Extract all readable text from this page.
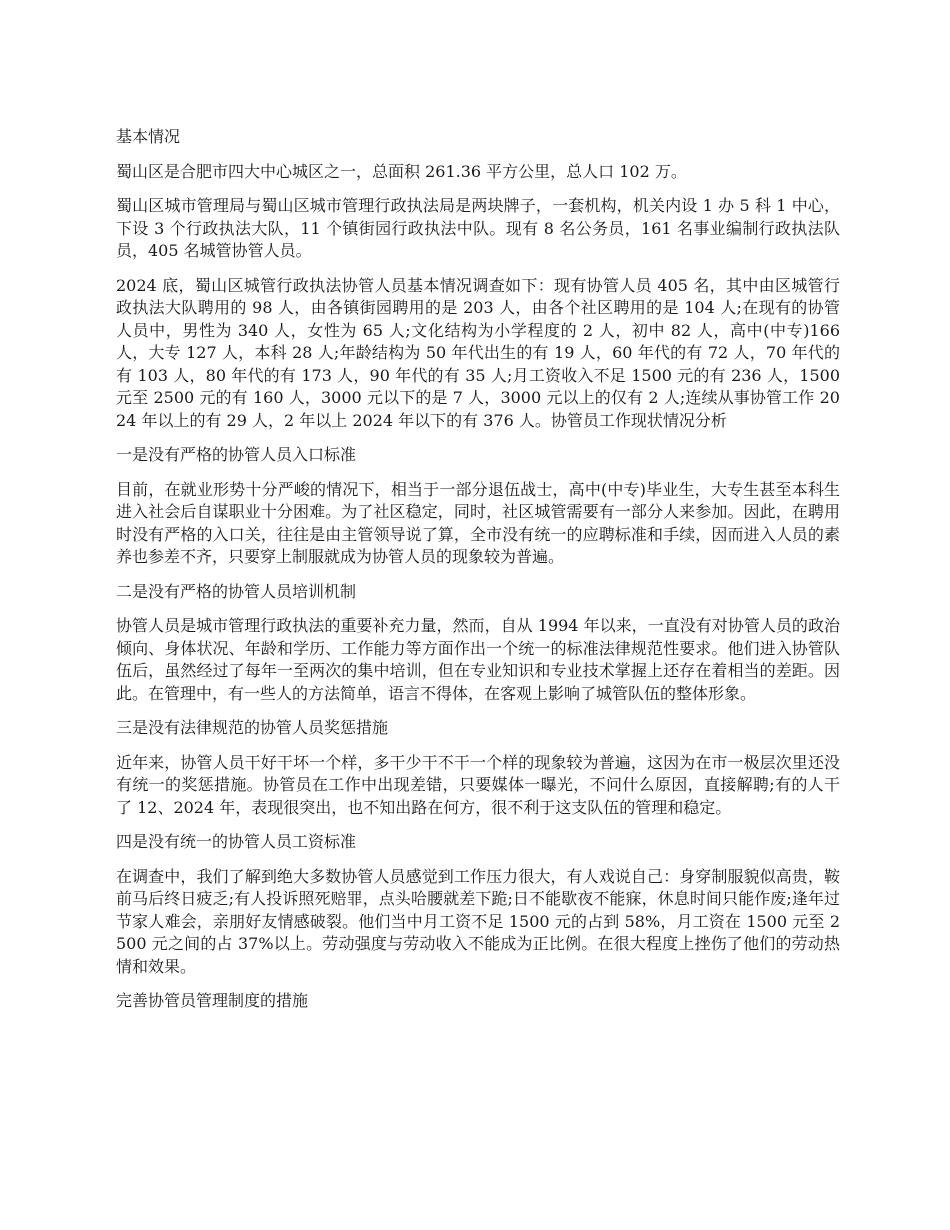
基本情况
蜀山区是合肥市四大中心城区之一，总面积 261.36 平方公里，总人口 102 万。
蜀山区城市管理局与蜀山区城市管理行政执法局是两块牌子，一套机构，机关内设 1 办 5 科 1 中心，下设 3 个行政执法大队，11 个镇街园行政执法中队。现有 8 名公务员，161 名事业编制行政执法队员，405 名城管协管人员。
2024 底，蜀山区城管行政执法协管人员基本情况调查如下：现有协管人员 405 名，其中由区城管行政执法大队聘用的 98 人，由各镇街园聘用的是 203 人，由各个社区聘用的是 104 人;在现有的协管人员中，男性为 340 人，女性为 65 人;文化结构为小学程度的 2 人，初中 82 人，高中(中专)166 人，大专 127 人，本科 28 人;年龄结构为 50 年代出生的有 19 人，60 年代的有 72 人，70 年代的有 103 人，80 年代的有 173 人，90 年代的有 35 人;月工资收入不足 1500 元的有 236 人，1500 元至 2500 元的有 160 人，3000 元以下的是 7 人，3000 元以上的仅有 2 人;连续从事协管工作 2024 年以上的有 29 人，2 年以上 2024 年以下的有 376 人。协管员工作现状情况分析
一是没有严格的协管人员入口标准
目前，在就业形势十分严峻的情况下，相当于一部分退伍战士，高中(中专)毕业生，大专生甚至本科生进入社会后自谋职业十分困难。为了社区稳定，同时，社区城管需要有一部分人来参加。因此，在聘用时没有严格的入口关，往往是由主管领导说了算，全市没有统一的应聘标准和手续，因而进入人员的素养也参差不齐，只要穿上制服就成为协管人员的现象较为普遍。
二是没有严格的协管人员培训机制
协管人员是城市管理行政执法的重要补充力量，然而，自从 1994 年以来，一直没有对协管人员的政治倾向、身体状况、年龄和学历、工作能力等方面作出一个统一的标准法律规范性要求。他们进入协管队伍后，虽然经过了每年一至两次的集中培训，但在专业知识和专业技术掌握上还存在着相当的差距。因此。在管理中，有一些人的方法简单，语言不得体，在客观上影响了城管队伍的整体形象。
三是没有法律规范的协管人员奖惩措施
近年来，协管人员干好干坏一个样，多干少干不干一个样的现象较为普遍，这因为在市一极层次里还没有统一的奖惩措施。协管员在工作中出现差错，只要媒体一曝光，不问什么原因，直接解聘;有的人干了 12、2024 年，表现很突出，也不知出路在何方，很不利于这支队伍的管理和稳定。
四是没有统一的协管人员工资标准
在调查中，我们了解到绝大多数协管人员感觉到工作压力很大，有人戏说自己：身穿制服貌似高贵，鞍前马后终日疲乏;有人投诉照死赔罪，点头哈腰就差下跪;日不能歇夜不能寐，休息时间只能作废;逢年过节家人难会，亲朋好友情感破裂。他们当中月工资不足 1500 元的占到 58%，月工资在 1500 元至 2500 元之间的占 37%以上。劳动强度与劳动收入不能成为正比例。在很大程度上挫伤了他们的劳动热情和效果。
完善协管员管理制度的措施
